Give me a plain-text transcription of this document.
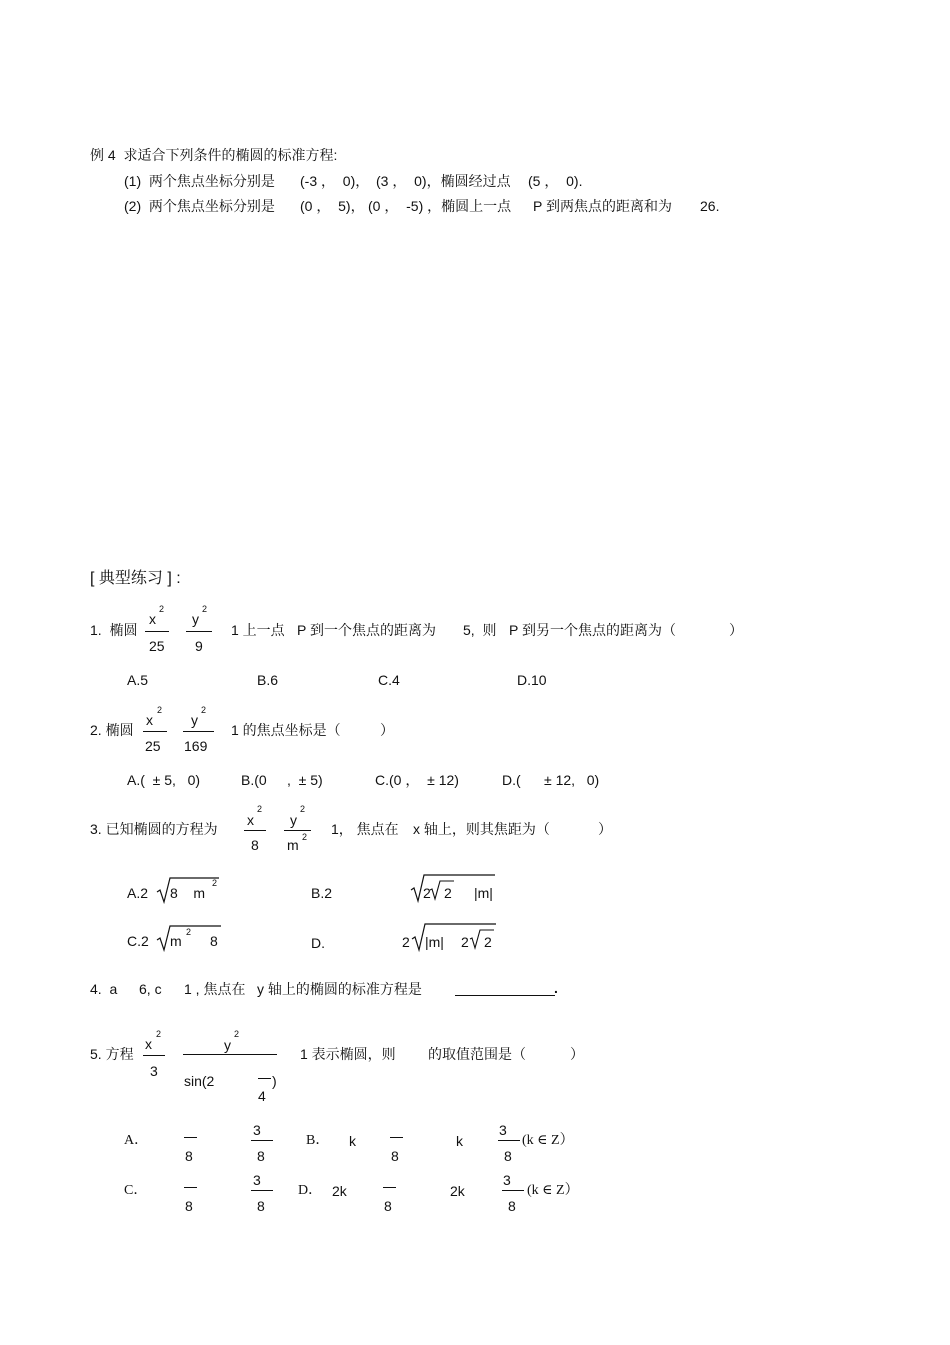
例 4  求适合下列条件的椭圆的标准方程:
(1)  两个焦点坐标分别是 (-3 ，  0)， (3 ，  0)，椭圆经过点 (5 ，  0).
(2)  两个焦点坐标分别是 (0 ，  5)， (0 ，  -5) ，椭圆上一点 P 到两焦点的距离和为 26.
[ 典型练习 ] :
1.  椭圆
x
2
25
y
2
9
1 上一点 P 到一个焦点的距离为 5,  则 P 到另一个焦点的距离为（	）
A.5	B.6	C.4	D.10
2. 椭圆
x
2
25
y
2
169
1 的焦点坐标是（	）
A.(  ± 5,   0)	B.(0 ,  ± 5)	C.(0 ，  ± 12)	D.( ± 12,   0)
3. 已知椭圆的方程为
x
2
8
y
2
m 2 1， 焦点在 x 轴上，则其焦距为（	）
A.2 8    m
2
B.2	2 2 |m|
C.2 m
2
8	D.	2 |m| 2 2
4.  a 6, c 1 , 焦点在 y 轴上的椭圆的标准方程是	.
5. 方程
x
2
3
y
2
sin(2	)
4
1 表示椭圆，则 的取值范围是（	）
A．
8
3
8
B． k
8
k
3
8
(k ∈ Z）
C．
8
3
8
D． 2k
8
2k
3
8
(k ∈ Z）
